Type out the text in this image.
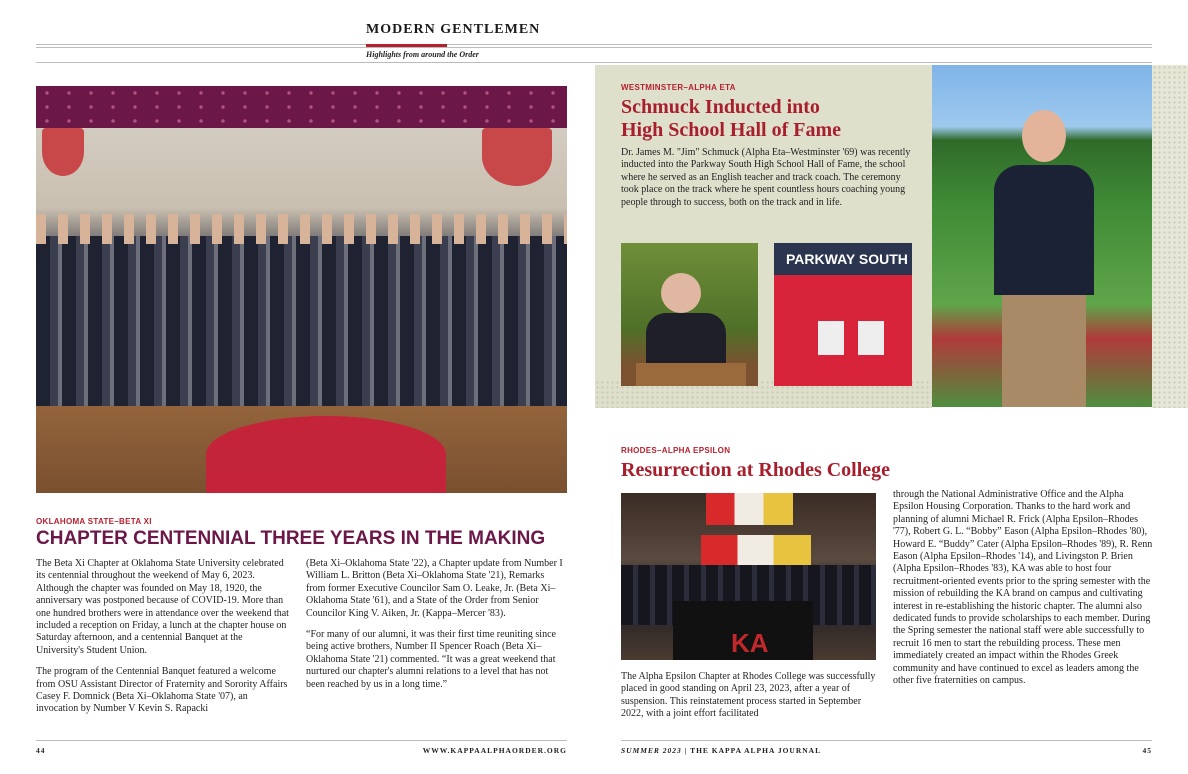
MODERN GENTLEMEN
Highlights from around the Order
OKLAHOMA STATE–BETA XI
CHAPTER CENTENNIAL THREE YEARS IN THE MAKING

The Beta Xi Chapter at Oklahoma State University celebrated its centennial throughout the weekend of May 6, 2023. Although the chapter was founded on May 18, 1920, the anniversary was postponed because of COVID-19. More than one hundred brothers were in attendance over the weekend that included a reception on Friday, a lunch at the chapter house on Saturday afternoon, and a centennial Banquet at the University's Student Union.

The program of the Centennial Banquet featured a welcome from OSU Assistant Director of Fraternity and Sorority Affairs Casey F. Domnick (Beta Xi–Oklahoma State '07), an invocation by Number V Kevin S. Rapacki

(Beta Xi–Oklahoma State '22), a Chapter update from Number I William L. Britton (Beta Xi–Oklahoma State '21), Remarks from former Executive Councilor Sam O. Leake, Jr. (Beta Xi–Oklahoma State '61), and a State of the Order from Senior Councilor King V. Aiken, Jr. (Kappa–Mercer '83).

“For many of our alumni, it was their first time reuniting since being active brothers, Number II Spencer Roach (Beta Xi–Oklahoma State '21) commented. “It was a great weekend that nurtured our chapter's alumni relations to a level that has not been reached by us in a long time.”

44	WWW.KAPPAALPHAORDER.ORG
WESTMINSTER–ALPHA ETA
Schmuck Inducted into
High School Hall of Fame
Dr. James M. "Jim" Schmuck (Alpha Eta–Westminster '69) was recently inducted into the Parkway South High School Hall of Fame, the school where he served as an English teacher and track coach. The ceremony took place on the track where he spent countless hours coaching young people through to success, both on the track and in life.
PARKWAY SOUTH
RHODES–ALPHA EPSILON
Resurrection at Rhodes College
KA
The Alpha Epsilon Chapter at Rhodes College was successfully placed in good standing on April 23, 2023, after a year of suspension. This reinstatement process started in September 2022, with a joint effort facilitated
through the National Administrative Office and the Alpha Epsilon Housing Corporation. Thanks to the hard work and planning of alumni Michael R. Frick (Alpha Epsilon–Rhodes '77), Robert G. L. “Bobby” Eason (Alpha Epsilon–Rhodes '80), Howard E. “Buddy” Cater (Alpha Epsilon–Rhodes '89), R. Renn Eason (Alpha Epsilon–Rhodes '14), and Livingston P. Brien (Alpha Epsilon–Rhodes '83), KA was able to host four recruitment-oriented events prior to the spring semester with the mission of rebuilding the KA brand on campus and cultivating interest in re-establishing the historic chapter. The alumni also dedicated funds to provide scholarships to each member. During the Spring semester the national staff were able successfully to recruit 16 men to start the rebuilding process. These men immediately created an impact within the Rhodes Greek community and have continued to excel as leaders among the other five fraternities on campus.
SUMMER 2023 | THE KAPPA ALPHA JOURNAL	45
